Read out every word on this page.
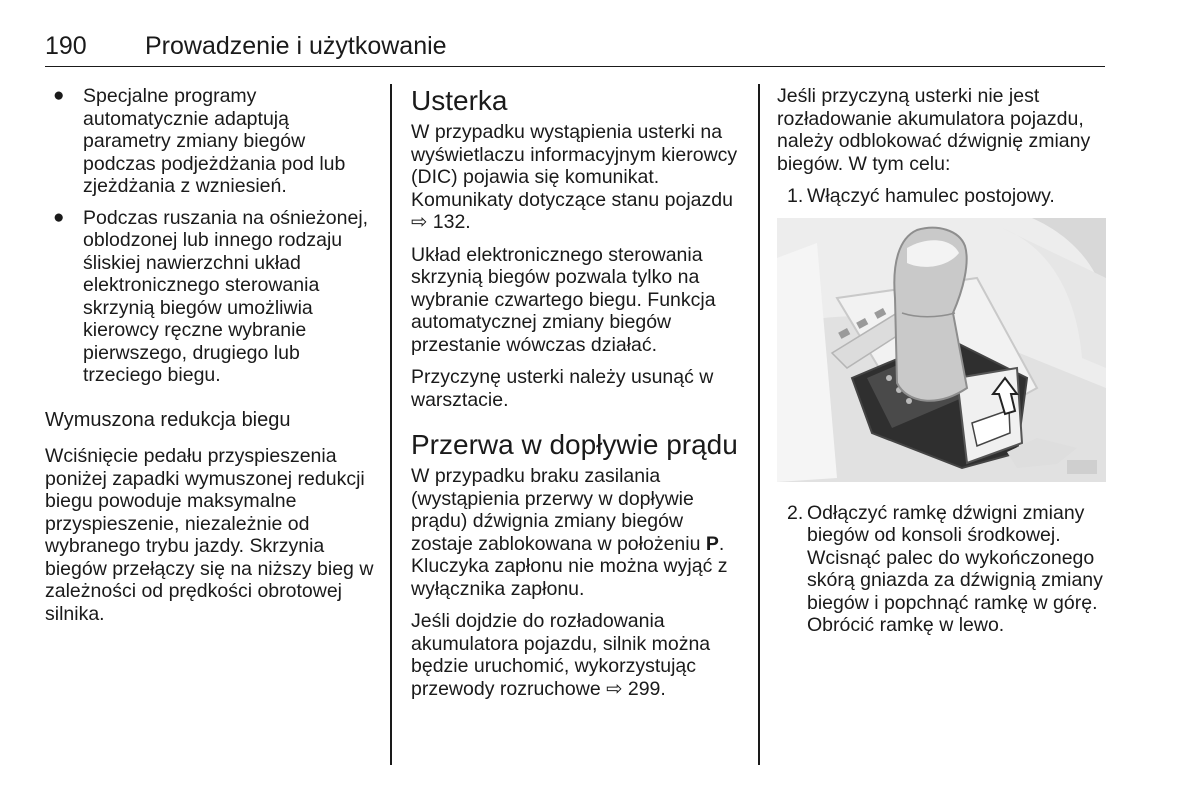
190 Prowadzenie i użytkowanie
● Specjalne programy automatycznie adaptują parametry zmiany biegów podczas podjeżdżania pod lub zjeżdżania z wzniesień.
● Podczas ruszania na ośnieżonej, oblodzonej lub innego rodzaju śliskiej nawierzchni układ elektronicznego sterowania skrzynią biegów umożliwia kierowcy ręczne wybranie pierwszego, drugiego lub trzeciego biegu.
Wymuszona redukcja biegu

Wciśnięcie pedału przyspieszenia poniżej zapadki wymuszonej redukcji biegu powoduje maksymalne przyspieszenie, niezależnie od wybranego trybu jazdy. Skrzynia biegów przełączy się na niższy bieg w zależności od prędkości obrotowej silnika.

Usterka

W przypadku wystąpienia usterki na wyświetlaczu informacyjnym kierowcy (DIC) pojawia się komunikat. Komunikaty dotyczące stanu pojazdu ⇨ 132.

Układ elektronicznego sterowania skrzynią biegów pozwala tylko na wybranie czwartego biegu. Funkcja automatycznej zmiany biegów przestanie wówczas działać.

Przyczynę usterki należy usunąć w warsztacie.

Przerwa w dopływie prądu

W przypadku braku zasilania (wystąpienia przerwy w dopływie prądu) dźwignia zmiany biegów zostaje zablokowana w położeniu P. Kluczyka zapłonu nie można wyjąć z wyłącznika zapłonu.

Jeśli dojdzie do rozładowania akumulatora pojazdu, silnik można będzie uruchomić, wykorzystując przewody rozruchowe ⇨ 299.

Jeśli przyczyną usterki nie jest rozładowanie akumulatora pojazdu, należy odblokować dźwignię zmiany biegów. W tym celu:

1. Włączyć hamulec postojowy.
2. Odłączyć ramkę dźwigni zmiany biegów od konsoli środkowej. Wcisnąć palec do wykończonego skórą gniazda za dźwignią zmiany biegów i popchnąć ramkę w górę. Obrócić ramkę w lewo.
